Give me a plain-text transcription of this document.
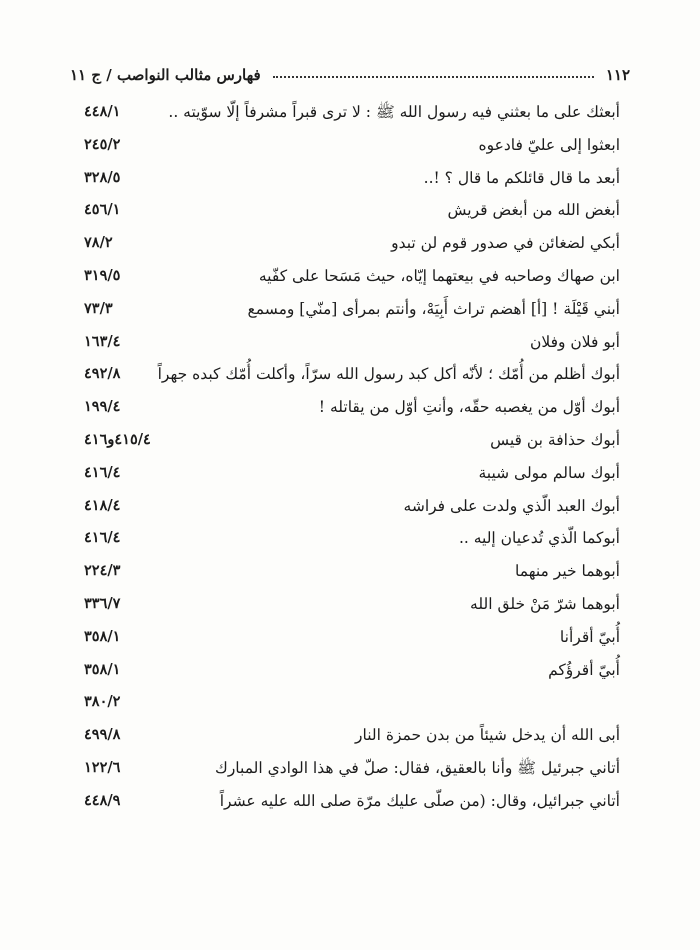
١١٢
فهارس مثالب النواصب / ج ١١
أبعثك على ما بعثني فيه رسول الله ﷺ : لا ترى قبراً مشرفاً إلّا سوّيته ..
٤٤٨/١
ابعثوا إلى عليّ فادعوه
٢٤٥/٢
أبعد ما قال قائلكم ما قال ؟ !..
٣٢٨/٥
أبغض الله من أبغض قريش
٤٥٦/١
أبكي لضغائن في صدور قوم لن تبدو
٧٨/٢
ابن صهاك وصاحبه في بيعتهما إيّاه، حيث مَسَحا على كفّيه
٣١٩/٥
أبني قَيْلَة ! [أ] أهضم تراث أَبِيَهْ، وأنتم بمرأى [منّي] ومسمع
٧٣/٣
أبو فلان وفلان
١٦٣/٤
أبوك أظلم من أُمّك ؛ لأنّه أكل كبد رسول الله سرّاً، وأكلت أُمّك كبده جهراً
٤٩٢/٨
أبوك أوّل من يغصبه حقّه، وأنتِ أوّل من يقاتله !
١٩٩/٤
أبوك حذافة بن قيس
٤١٥/٤و٤١٦
أبوك سالم مولى شيبة
٤١٦/٤
أبوك العبد الّذي ولدت على فراشه
٤١٨/٤
أبوكما الّذي تُدعيان إليه ..
٤١٦/٤
أبوهما خير منهما
٢٢٤/٣
أبوهما شرّ مَنْ خلق الله
٣٣٦/٧
أُبيّ أقرأنا
٣٥٨/١
أُبيّ أقرؤُكم
٣٥٨/١
٣٨٠/٢
أبى الله أن يدخل شيئاً من بدن حمزة النار
٤٩٩/٨
أتاني جبرئيل ﷺ وأنا بالعقيق، فقال: صلّ في هذا الوادي المبارك
١٢٢/٦
أتاني جبرائيل، وقال: (من صلّى عليك مرّة صلى الله عليه عشراً
٤٤٨/٩
